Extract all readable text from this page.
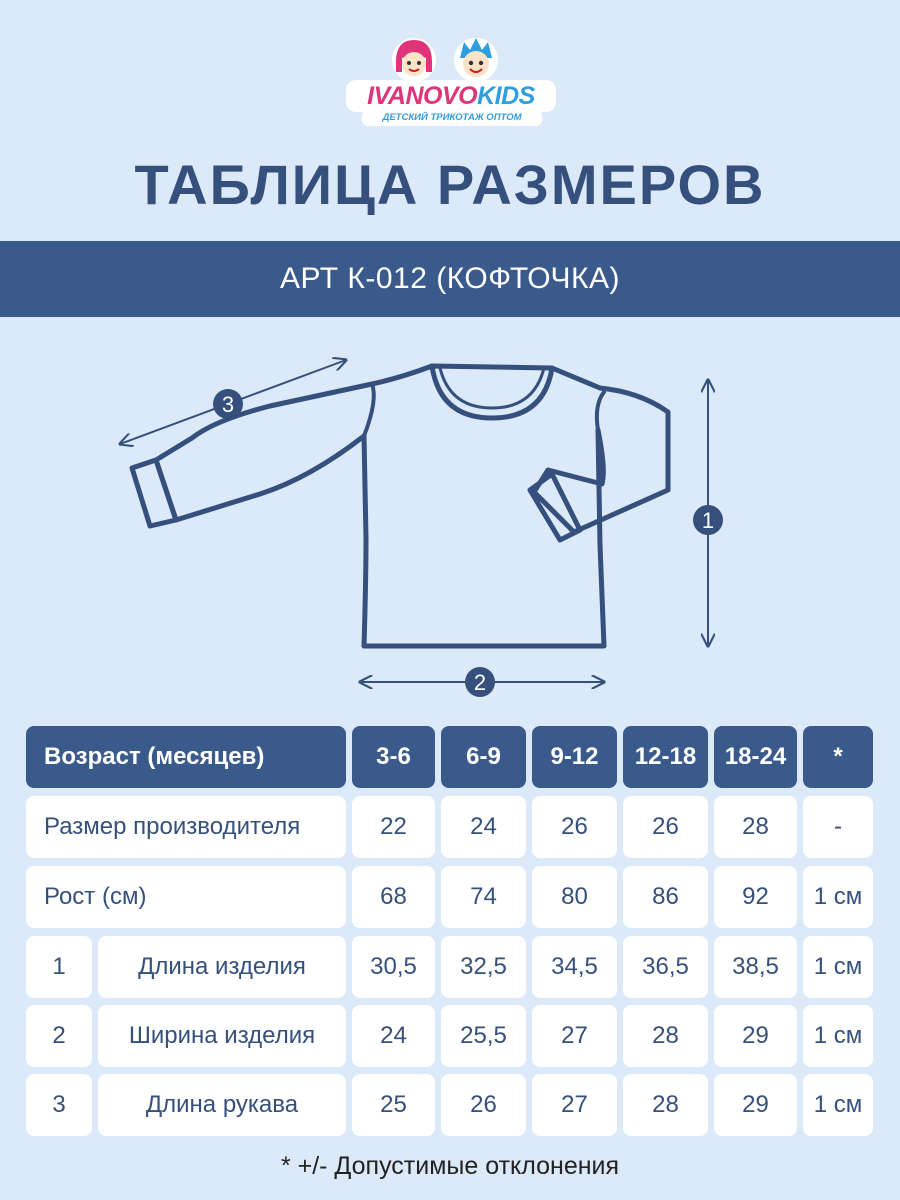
IVANOVOKIDS
ДЕТСКИЙ ТРИКОТАЖ ОПТОМ
ТАБЛИЦА РАЗМЕРОВ
АРТ К-012 (КОФТОЧКА)
3
1
2
Возраст (месяцев)	3-6	6-9	9-12	12-18	18-24	*
Размер производителя	22	24	26	26	28	-
Рост (см)	68	74	80	86	92	1 см
1	Длина изделия	30,5	32,5	34,5	36,5	38,5	1 см
2	Ширина изделия	24	25,5	27	28	29	1 см
3	Длина рукава	25	26	27	28	29	1 см
* +/- Допустимые отклонения
